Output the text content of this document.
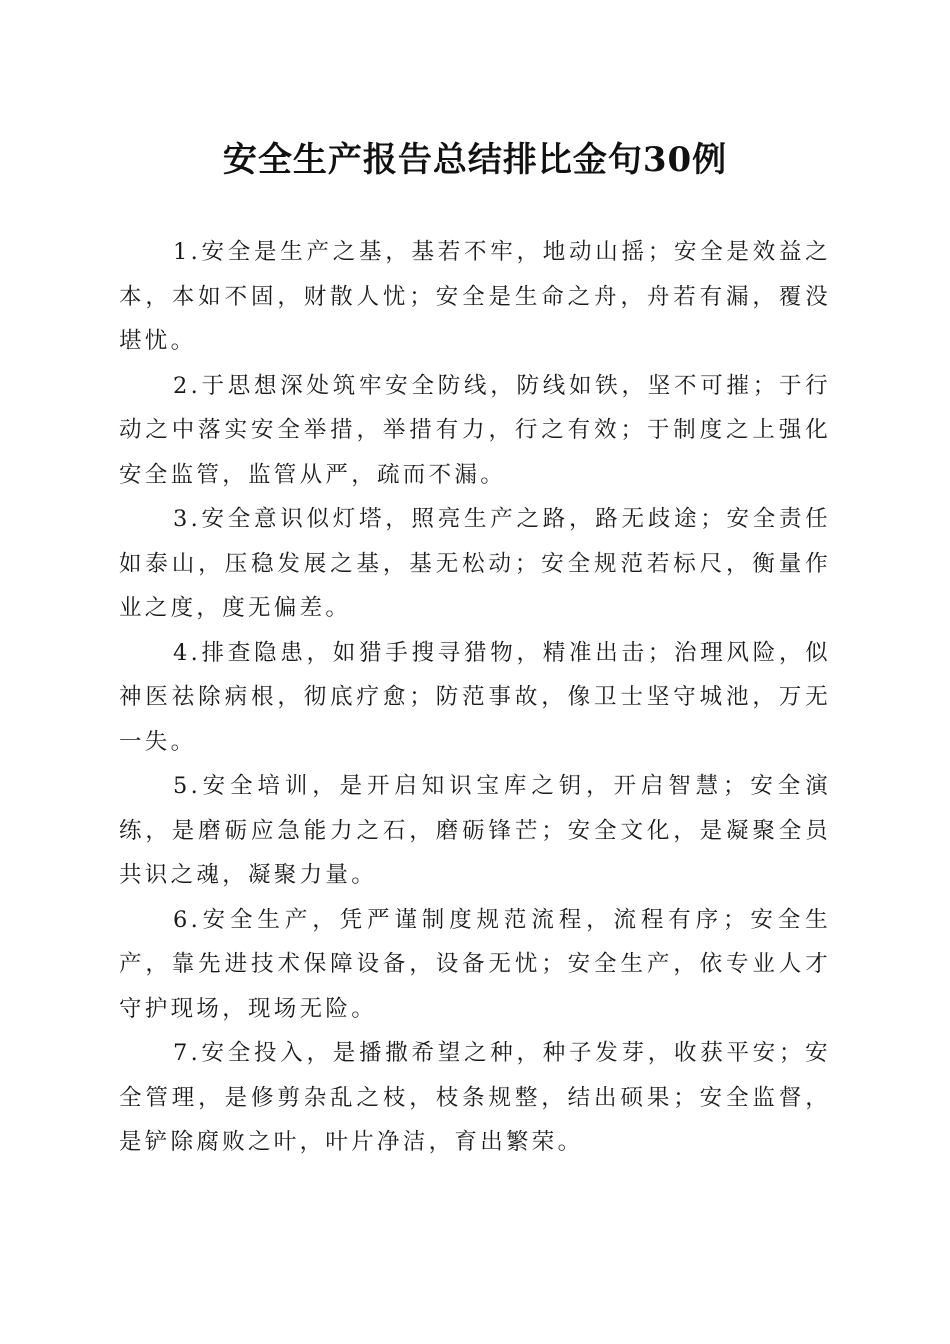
安全生产报告总结排比金句30例

1.安全是生产之基，基若不牢，地动山摇；安全是效益之本，本如不固，财散人忧；安全是生命之舟，舟若有漏，覆没堪忧。

2.于思想深处筑牢安全防线，防线如铁，坚不可摧；于行动之中落实安全举措，举措有力，行之有效；于制度之上强化安全监管，监管从严，疏而不漏。

3.安全意识似灯塔，照亮生产之路，路无歧途；安全责任如泰山，压稳发展之基，基无松动；安全规范若标尺，衡量作业之度，度无偏差。

4.排查隐患，如猎手搜寻猎物，精准出击；治理风险，似神医祛除病根，彻底疗愈；防范事故，像卫士坚守城池，万无一失。

5.安全培训，是开启知识宝库之钥，开启智慧；安全演练，是磨砺应急能力之石，磨砺锋芒；安全文化，是凝聚全员共识之魂，凝聚力量。

6.安全生产，凭严谨制度规范流程，流程有序；安全生产，靠先进技术保障设备，设备无忧；安全生产，依专业人才守护现场，现场无险。

7.安全投入，是播撒希望之种，种子发芽，收获平安；安全管理，是修剪杂乱之枝，枝条规整，结出硕果；安全监督，是铲除腐败之叶，叶片净洁，育出繁荣。
